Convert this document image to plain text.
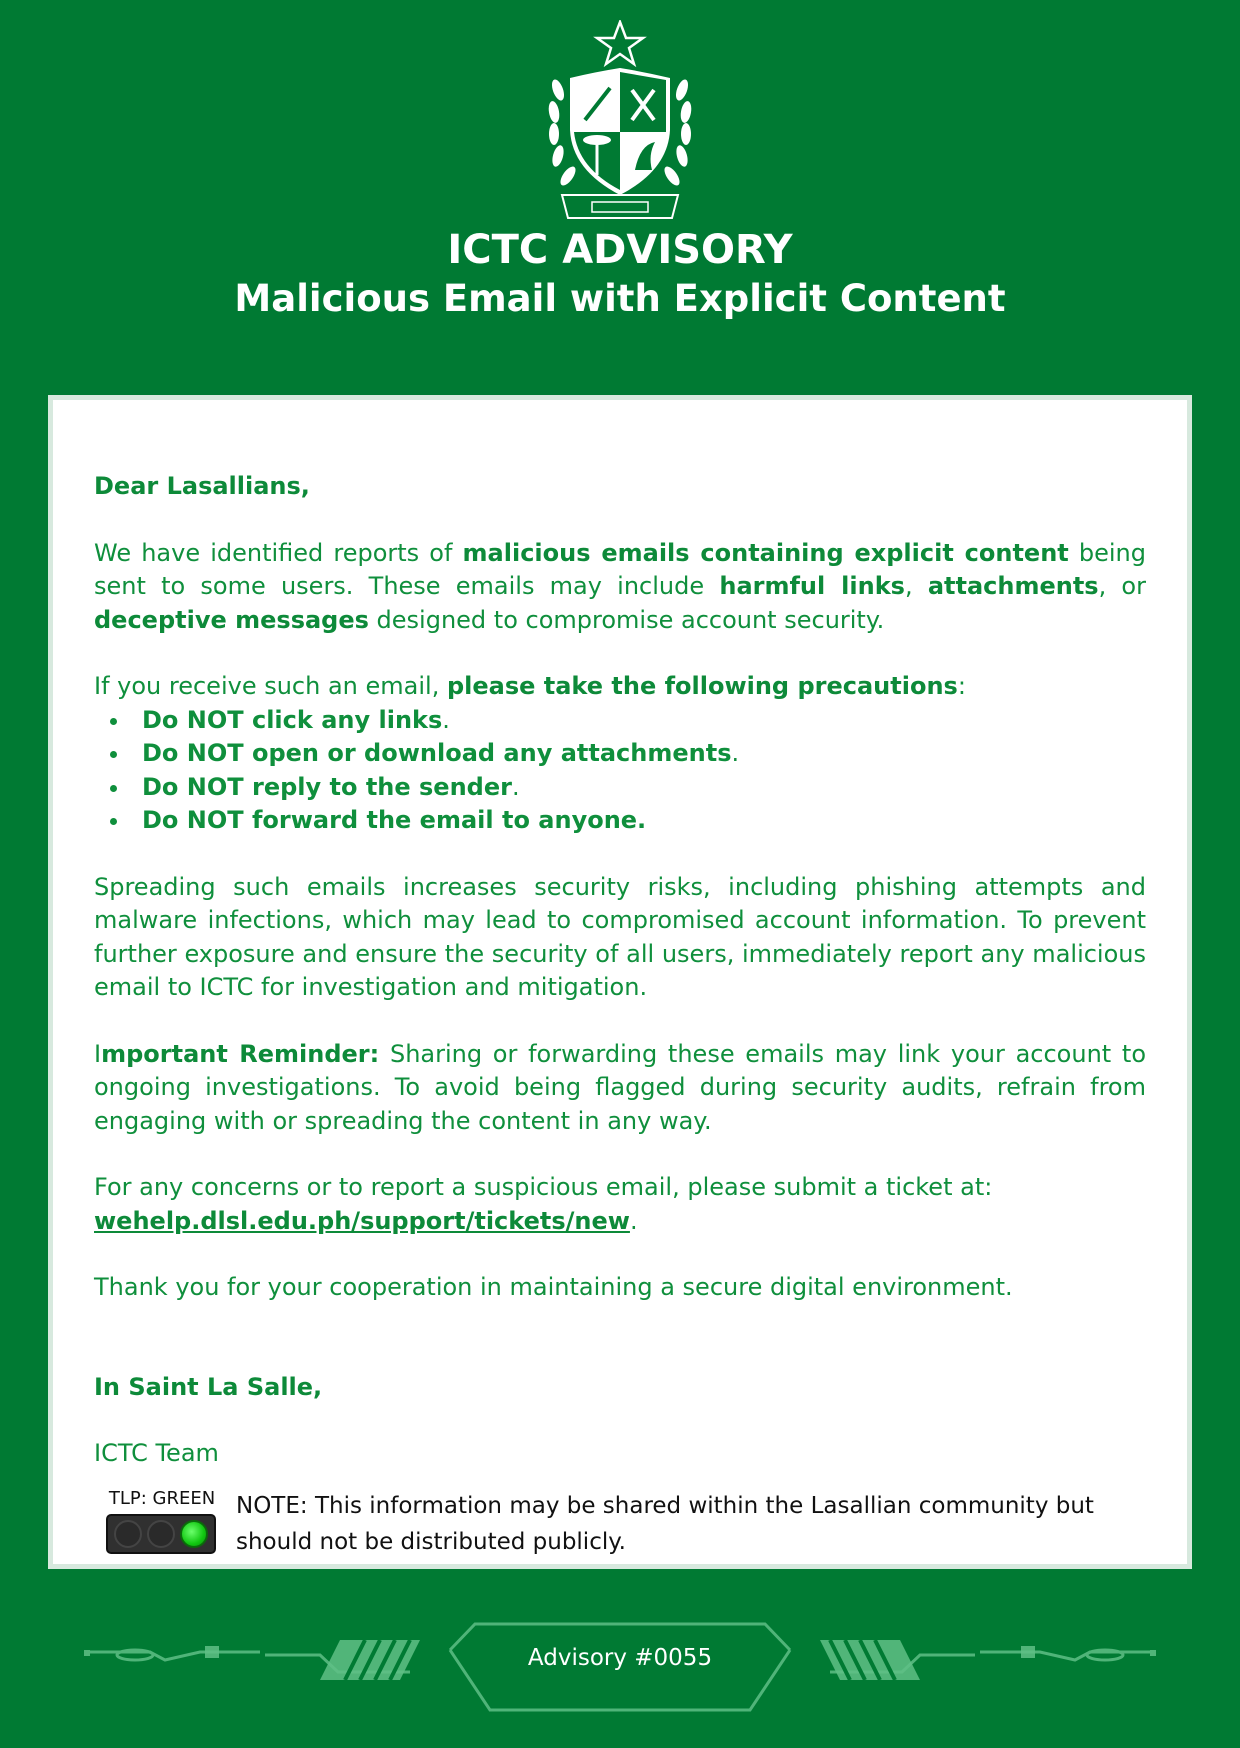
ICTC ADVISORY
Malicious Email with Explicit Content

Dear Lasallians,

We have identified reports of malicious emails containing explicit content being sent to some users. These emails may include harmful links, attachments, or deceptive messages designed to compromise account security.

If you receive such an email, please take the following precautions:

Do NOT click any links.
Do NOT open or download any attachments.
Do NOT reply to the sender.
Do NOT forward the email to anyone.

Spreading such emails increases security risks, including phishing attempts and malware infections, which may lead to compromised account information. To prevent further exposure and ensure the security of all users, immediately report any malicious email to ICTC for investigation and mitigation.

Important Reminder: Sharing or forwarding these emails may link your account to ongoing investigations. To avoid being flagged during security audits, refrain from engaging with or spreading the content in any way.

For any concerns or to report a suspicious email, please submit a ticket at:
wehelp.dlsl.edu.ph/support/tickets/new.

Thank you for your cooperation in maintaining a secure digital environment.

In Saint La Salle,

ICTC Team

TLP: GREEN NOTE: This information may be shared within the Lasallian community but should not be distributed publicly.
Advisory #0055
